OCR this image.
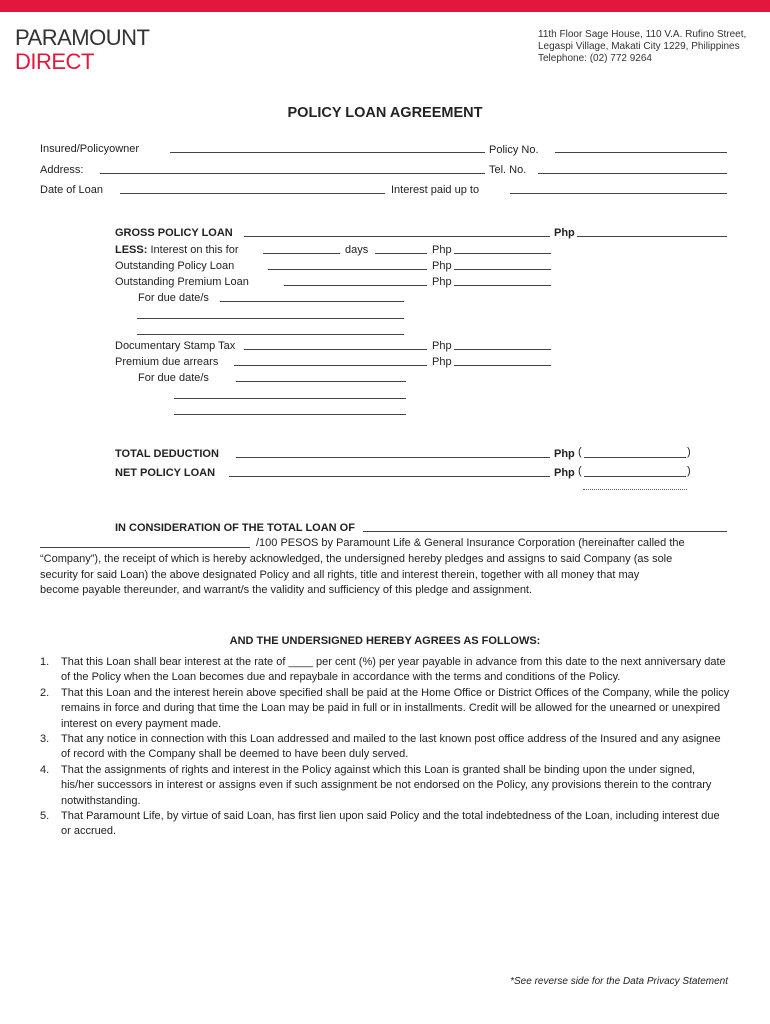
PARAMOUNT
DIRECT
11th Floor Sage House, 110 V.A. Rufino Street,
Legaspi Village, Makati City 1229, Philippines
Telephone: (02) 772 9264
POLICY LOAN AGREEMENT
Insured/Policyowner	Policy No.
Address:	Tel. No.
Date of Loan	Interest paid up to
GROSS POLICY LOAN	Php
LESS: Interest on this for	days	Php
Outstanding Policy Loan	Php
Outstanding Premium Loan	Php
For due date/s
Documentary Stamp Tax	Php
Premium due arrears	Php
For due date/s
TOTAL DEDUCTION	Php (	)
NET POLICY LOAN	Php (	)
IN CONSIDERATION OF THE TOTAL LOAN OF
/100 PESOS by Paramount Life & General Insurance Corporation (hereinafter called the
“Company”), the receipt of which is hereby acknowledged, the undersigned hereby pledges and assigns to said Company (as sole
security for said Loan) the above designated Policy and all rights, title and interest therein, together with all money that may
become payable thereunder, and warrant/s the validity and sufficiency of this pledge and assignment.
AND THE UNDERSIGNED HEREBY AGREES AS FOLLOWS:
1. That this Loan shall bear interest at the rate of ____ per cent (%) per year payable in advance from this date to the next anniversary date of the Policy when the Loan becomes due and repaybale in accordance with the terms and conditions of the Policy.
2. That this Loan and the interest herein above specified shall be paid at the Home Office or District Offices of the Company, while the policy remains in force and during that time the Loan may be paid in full or in installments. Credit will be allowed for the unearned or unexpired interest on every payment made.
3. That any notice in connection with this Loan addressed and mailed to the last known post office address of the Insured and any asignee of record with the Company shall be deemed to have been duly served.
4. That the assignments of rights and interest in the Policy against which this Loan is granted shall be binding upon the under signed, his/her successors in interest or assigns even if such assignment be not endorsed on the Policy, any provisions therein to the contrary notwithstanding.
5. That Paramount Life, by virtue of said Loan, has first lien upon said Policy and the total indebtedness of the Loan, including interest due or accrued.
*See reverse side for the Data Privacy Statement
